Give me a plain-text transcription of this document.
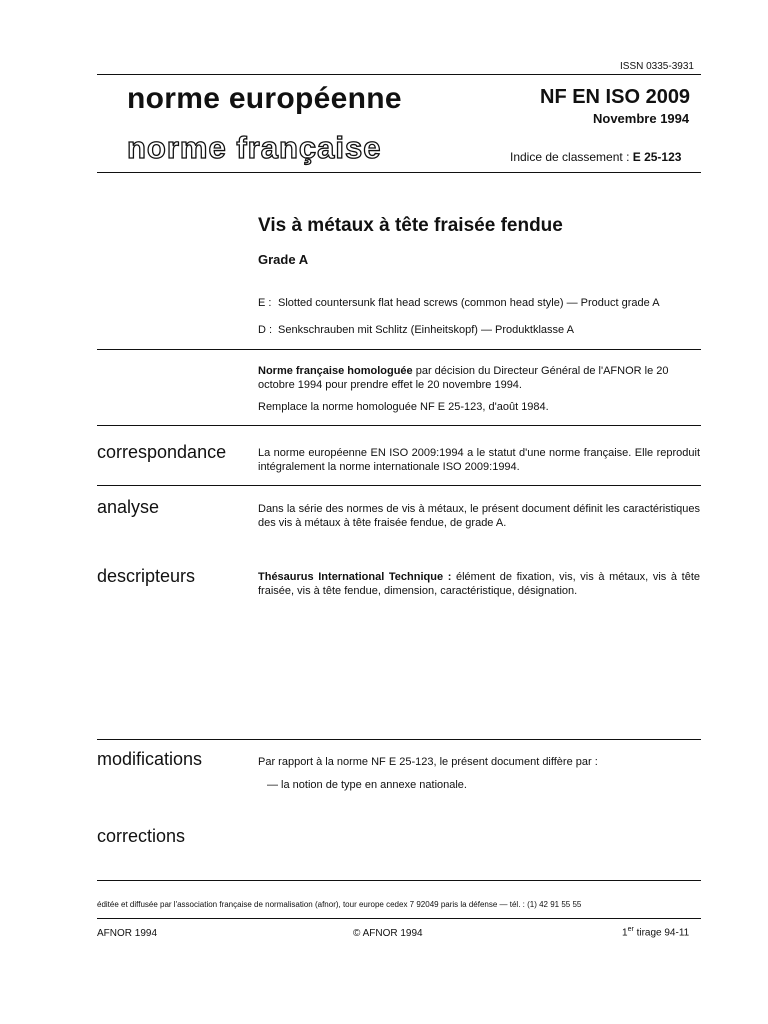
ISSN 0335-3931
norme européenne
norme française
NF EN ISO 2009
Novembre 1994
Indice de classement : E 25-123
Vis à métaux à tête fraisée fendue
Grade A
E : Slotted countersunk flat head screws (common head style) — Product grade A
D : Senkschrauben mit Schlitz (Einheitskopf) — Produktklasse A
Norme française homologuée par décision du Directeur Général de l'AFNOR le 20 octobre 1994 pour prendre effet le 20 novembre 1994.
Remplace la norme homologuée NF E 25-123, d'août 1984.
correspondance	La norme européenne EN ISO 2009:1994 a le statut d'une norme française. Elle reproduit intégralement la norme internationale ISO 2009:1994.
analyse	Dans la série des normes de vis à métaux, le présent document définit les caractéristiques des vis à métaux à tête fraisée fendue, de grade A.
descripteurs	Thésaurus International Technique : élément de fixation, vis, vis à métaux, vis à tête fraisée, vis à tête fendue, dimension, caractéristique, désignation.
modifications	Par rapport à la norme NF E 25-123, le présent document diffère par :
— la notion de type en annexe nationale.
corrections
éditée et diffusée par l'association française de normalisation (afnor), tour europe cedex 7 92049 paris la défense — tél. : (1) 42 91 55 55
AFNOR 1994	© AFNOR 1994	1er tirage 94-11
